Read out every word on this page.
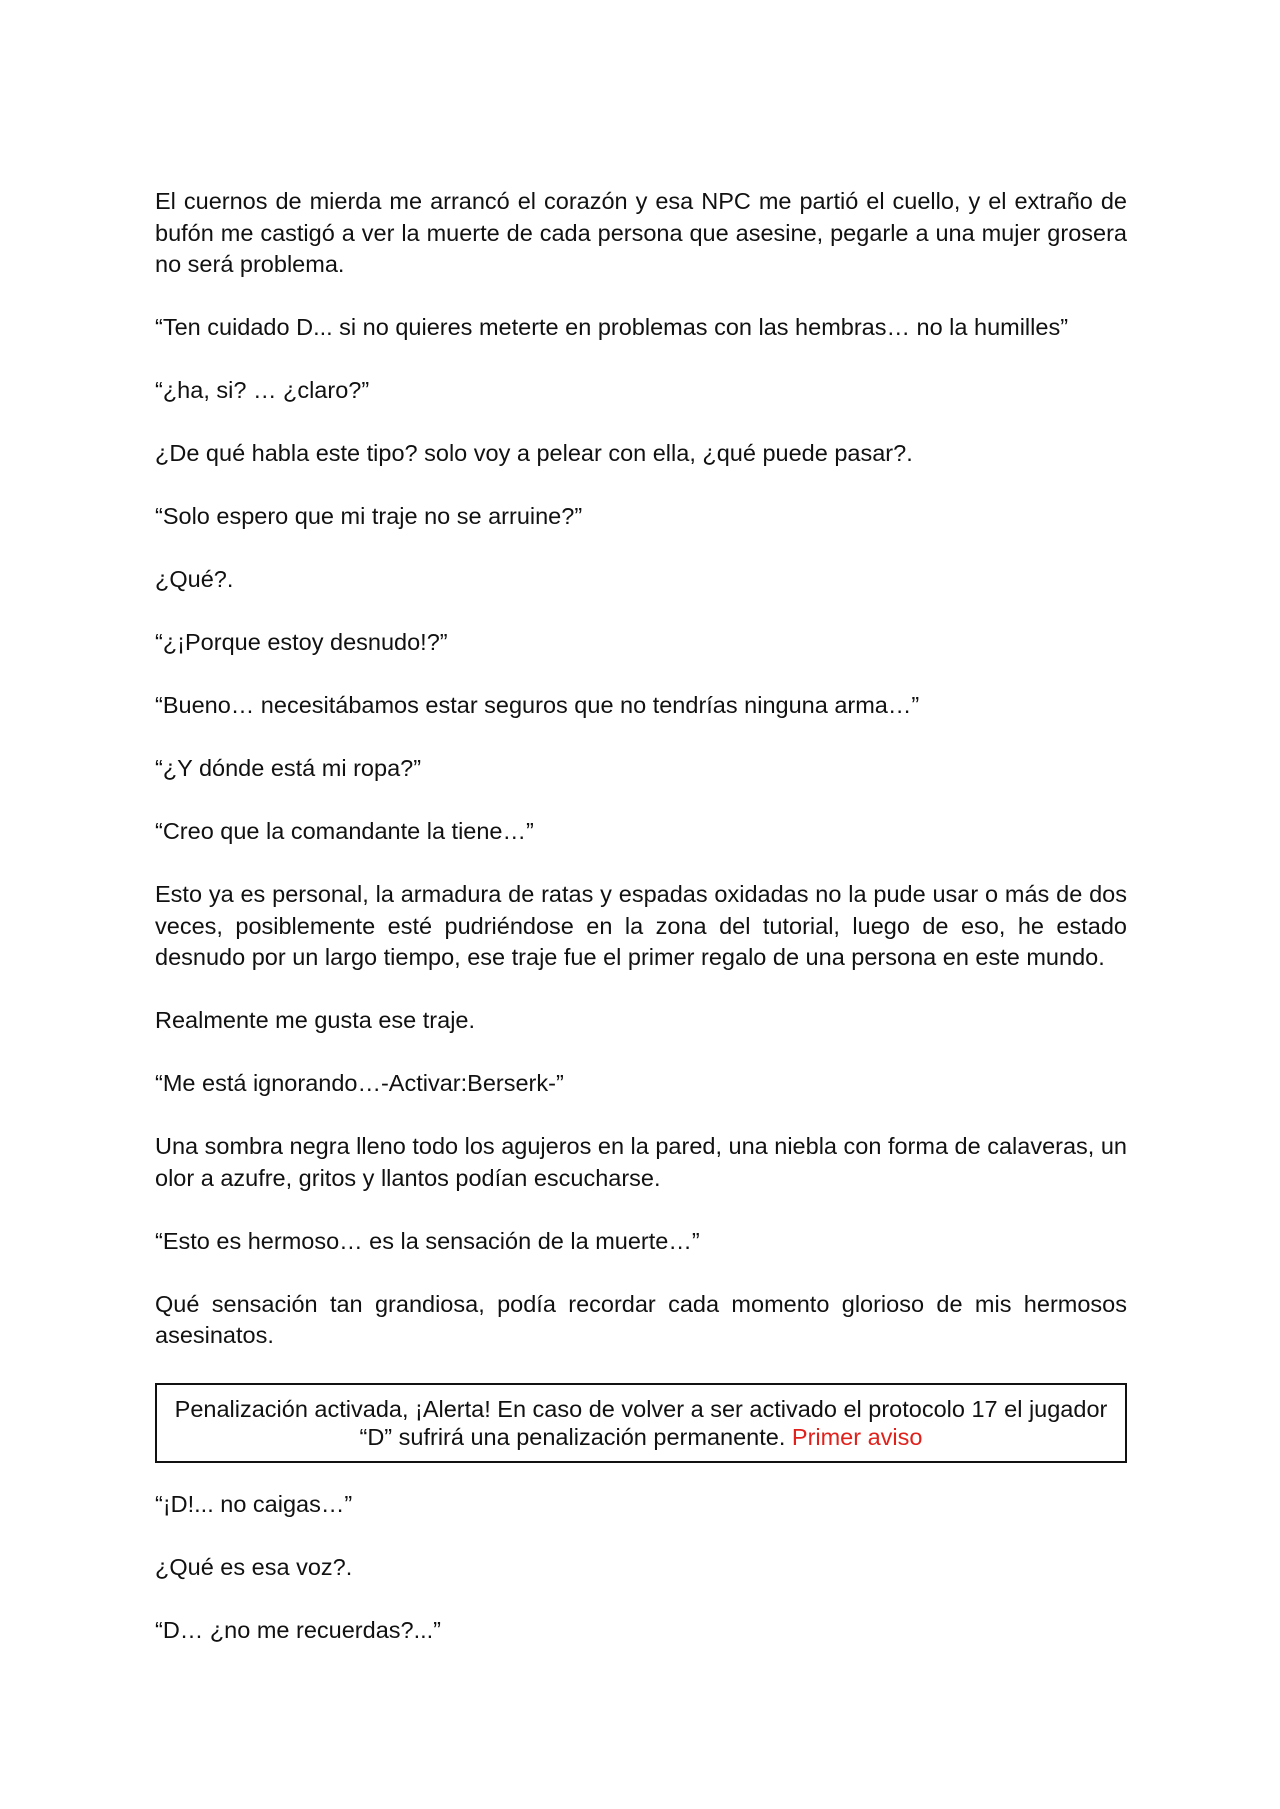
El cuernos de mierda me arrancó el corazón y esa NPC me partió el cuello, y el extraño de bufón me castigó a ver la muerte de cada persona que asesine, pegarle a una mujer grosera no será problema.

“Ten cuidado D... si no quieres meterte en problemas con las hembras… no la humilles”

“¿ha, si? … ¿claro?”

¿De qué habla este tipo? solo voy a pelear con ella, ¿qué puede pasar?.

“Solo espero que mi traje no se arruine?”

¿Qué?.

“¿¡Porque estoy desnudo!?”

“Bueno… necesitábamos estar seguros que no tendrías ninguna arma…”

“¿Y dónde está mi ropa?”

“Creo que la comandante la tiene…”

Esto ya es personal, la armadura de ratas y espadas oxidadas no la pude usar o más de dos veces, posiblemente esté pudriéndose en la zona del tutorial, luego de eso, he estado desnudo por un largo tiempo, ese traje fue el primer regalo de una persona en este mundo.

Realmente me gusta ese traje.

“Me está ignorando…-Activar:Berserk-”

Una sombra negra lleno todo los agujeros en la pared, una niebla con forma de calaveras, un olor a azufre, gritos y llantos podían escucharse.

“Esto es hermoso… es la sensación de la muerte…”

Qué sensación tan grandiosa, podía recordar cada momento glorioso de mis hermosos asesinatos.

Penalización activada, ¡Alerta! En caso de volver a ser activado el protocolo 17 el jugador
“D” sufrirá una penalización permanente. Primer aviso

“¡D!... no caigas…”

¿Qué es esa voz?.

“D… ¿no me recuerdas?...”
